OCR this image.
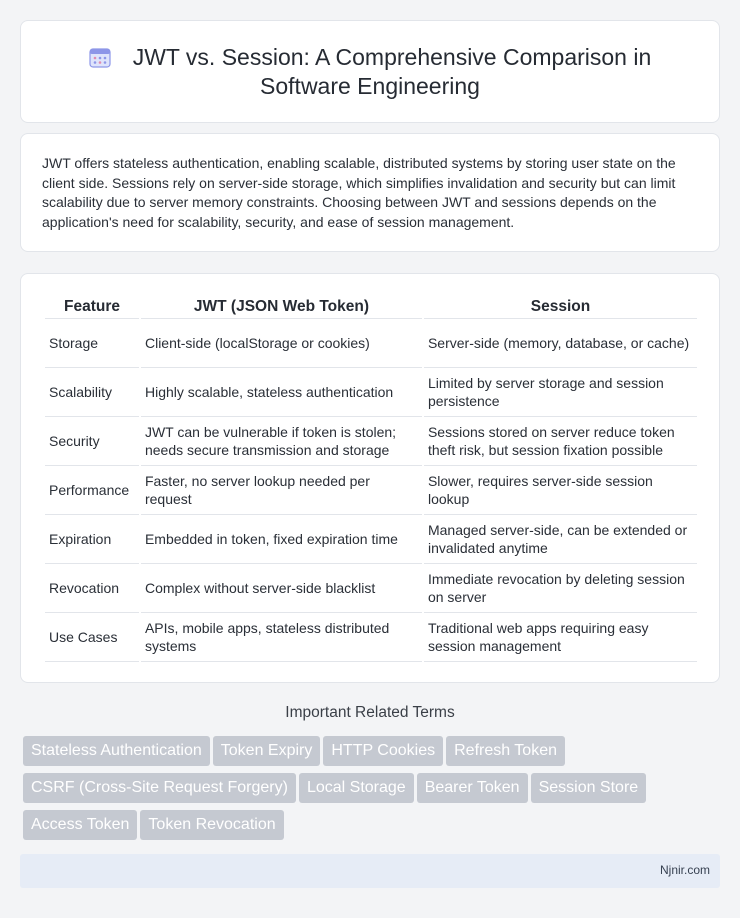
JWT vs. Session: A Comprehensive Comparison in
Software Engineering

JWT offers stateless authentication, enabling scalable, distributed systems by storing user state on the client side. Sessions rely on server-side storage, which simplifies invalidation and security but can limit scalability due to server memory constraints. Choosing between JWT and sessions depends on the application's need for scalability, security, and ease of session management.

Feature	JWT (JSON Web Token)	Session
Storage	Client-side (localStorage or cookies)	Server-side (memory, database, or cache)
Scalability	Highly scalable, stateless authentication	Limited by server storage and session persistence
Security	JWT can be vulnerable if token is stolen; needs secure transmission and storage	Sessions stored on server reduce token theft risk, but session fixation possible
Performance	Faster, no server lookup needed per request	Slower, requires server-side session lookup
Expiration	Embedded in token, fixed expiration time	Managed server-side, can be extended or invalidated anytime
Revocation	Complex without server-side blacklist	Immediate revocation by deleting session on server
Use Cases	APIs, mobile apps, stateless distributed systems	Traditional web apps requiring easy session management
Important Related Terms
Stateless Authentication Token Expiry HTTP Cookies Refresh Token
CSRF (Cross-Site Request Forgery) Local Storage Bearer Token Session Store
Access Token Token Revocation
Njnir.com
